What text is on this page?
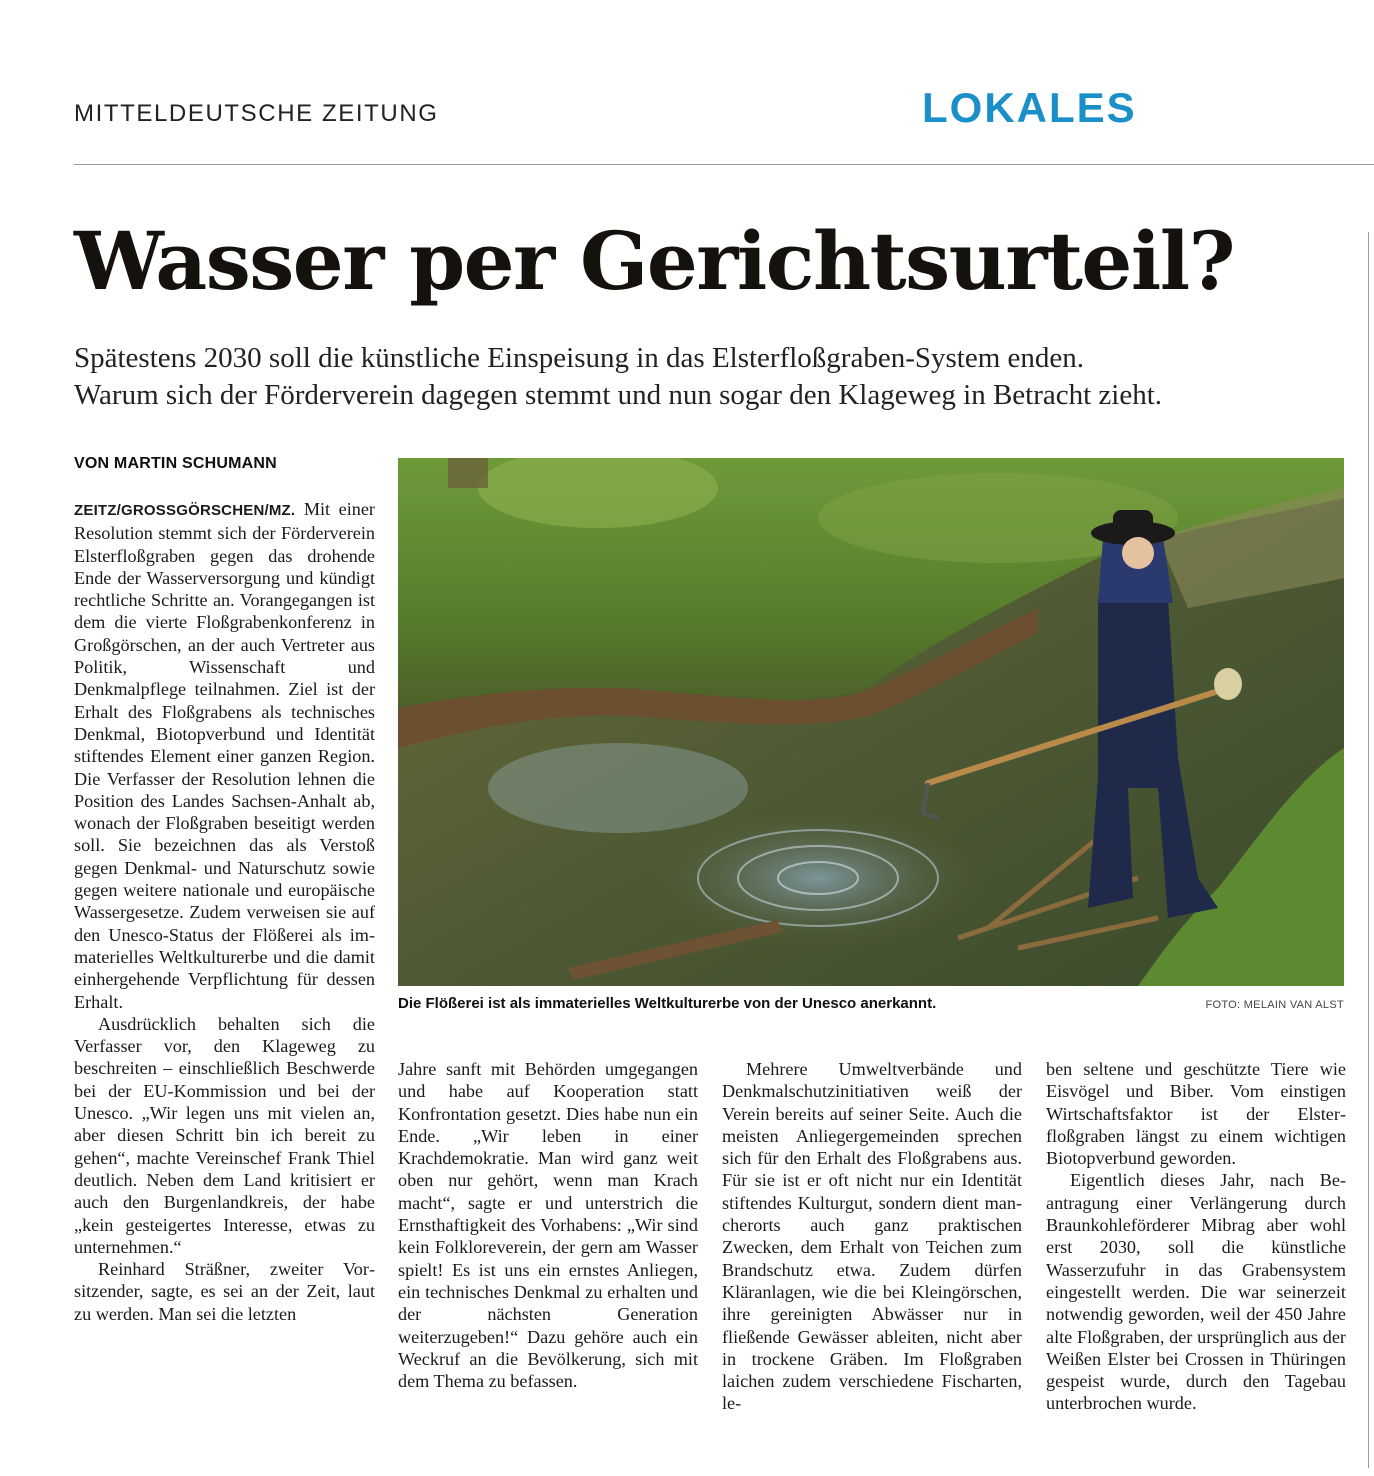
MITTELDEUTSCHE ZEITUNG	LOKALES
Wasser per Gerichtsurteil?
Spätestens 2030 soll die künstliche Einspeisung in das Elsterfloßgraben-System enden.
Warum sich der Förderverein dagegen stemmt und nun sogar den Klageweg in Betracht zieht.
VON MARTIN SCHUMANN

ZEITZ/GROSSGÖRSCHEN/MZ. Mit einer Resolution stemmt sich der Förderverein Elsterfloßgraben gegen das drohende Ende der Wasserversorgung und kündigt rechtliche Schritte an. Vorangegangen ist dem die vierte Floßgrabenkonferenz in Großgörschen, an der auch Vertreter aus Politik, Wissenschaft und Denkmalpflege teilnahmen. Ziel ist der Erhalt des Floßgrabens als technisches Denkmal, Biotopverbund und Identität stiftendes Element einer ganzen Region. Die Verfasser der Resolution lehnen die Position des Landes Sachsen-Anhalt ab, wonach der Floßgraben beseitigt werden soll. Sie bezeichnen das als Verstoß gegen Denkmal- und Naturschutz sowie gegen weitere nationale und europäische Wassergesetze. Zudem verweisen sie auf den Unesco-Status der Flößerei als immaterielles Weltkulturerbe und die damit einhergehende Verpflichtung für dessen Erhalt.

Ausdrücklich behalten sich die Verfasser vor, den Klageweg zu beschreiten – einschließlich Beschwerde bei der EU-Kommission und bei der Unesco. „Wir legen uns mit vielen an, aber diesen Schritt bin ich bereit zu gehen“, machte Vereinschef Frank Thiel deutlich. Neben dem Land kritisiert er auch den Burgenlandkreis, der habe „kein gesteigertes Interesse, etwas zu unternehmen.“

Reinhard Sträßner, zweiter Vorsitzender, sagte, es sei an der Zeit, laut zu werden. Man sei die letzten

Die Flößerei ist als immaterielles Weltkulturerbe von der Unesco anerkannt.	FOTO: MELAIN VAN ALST

Jahre sanft mit Behörden umgegangen und habe auf Kooperation statt Konfrontation gesetzt. Dies habe nun ein Ende. „Wir leben in einer Krachdemokratie. Man wird ganz weit oben nur gehört, wenn man Krach macht“, sagte er und unterstrich die Ernsthaftigkeit des Vorhabens: „Wir sind kein Folkloreverein, der gern am Wasser spielt! Es ist uns ein ernstes Anliegen, ein technisches Denkmal zu erhalten und der nächsten Generation weiterzugeben!“ Dazu gehöre auch ein Weckruf an die Bevölkerung, sich mit dem Thema zu befassen.

Mehrere Umweltverbände und Denkmalschutzinitiativen weiß der Verein bereits auf seiner Seite. Auch die meisten Anliegergemeinden sprechen sich für den Erhalt des Floßgrabens aus. Für sie ist er oft nicht nur ein Identität stiftendes Kulturgut, sondern dient mancherorts auch ganz praktischen Zwecken, dem Erhalt von Teichen zum Brandschutz etwa. Zudem dürfen Kläranlagen, wie die bei Kleingörschen, ihre gereinigten Abwässer nur in fließende Gewässer ableiten, nicht aber in trockene Gräben. Im Floßgraben laichen zudem verschiedene Fischarten, le-

ben seltene und geschützte Tiere wie Eisvögel und Biber. Vom einstigen Wirtschaftsfaktor ist der Elsterfloßgraben längst zu einem wichtigen Biotopverbund geworden.

Eigentlich dieses Jahr, nach Beantragung einer Verlängerung durch Braunkohleförderer Mibrag aber wohl erst 2030, soll die künstliche Wasserzufuhr in das Grabensystem eingestellt werden. Die war seinerzeit notwendig geworden, weil der 450 Jahre alte Floßgraben, der ursprünglich aus der Weißen Elster bei Crossen in Thüringen gespeist wurde, durch den Tagebau unterbrochen wurde.
